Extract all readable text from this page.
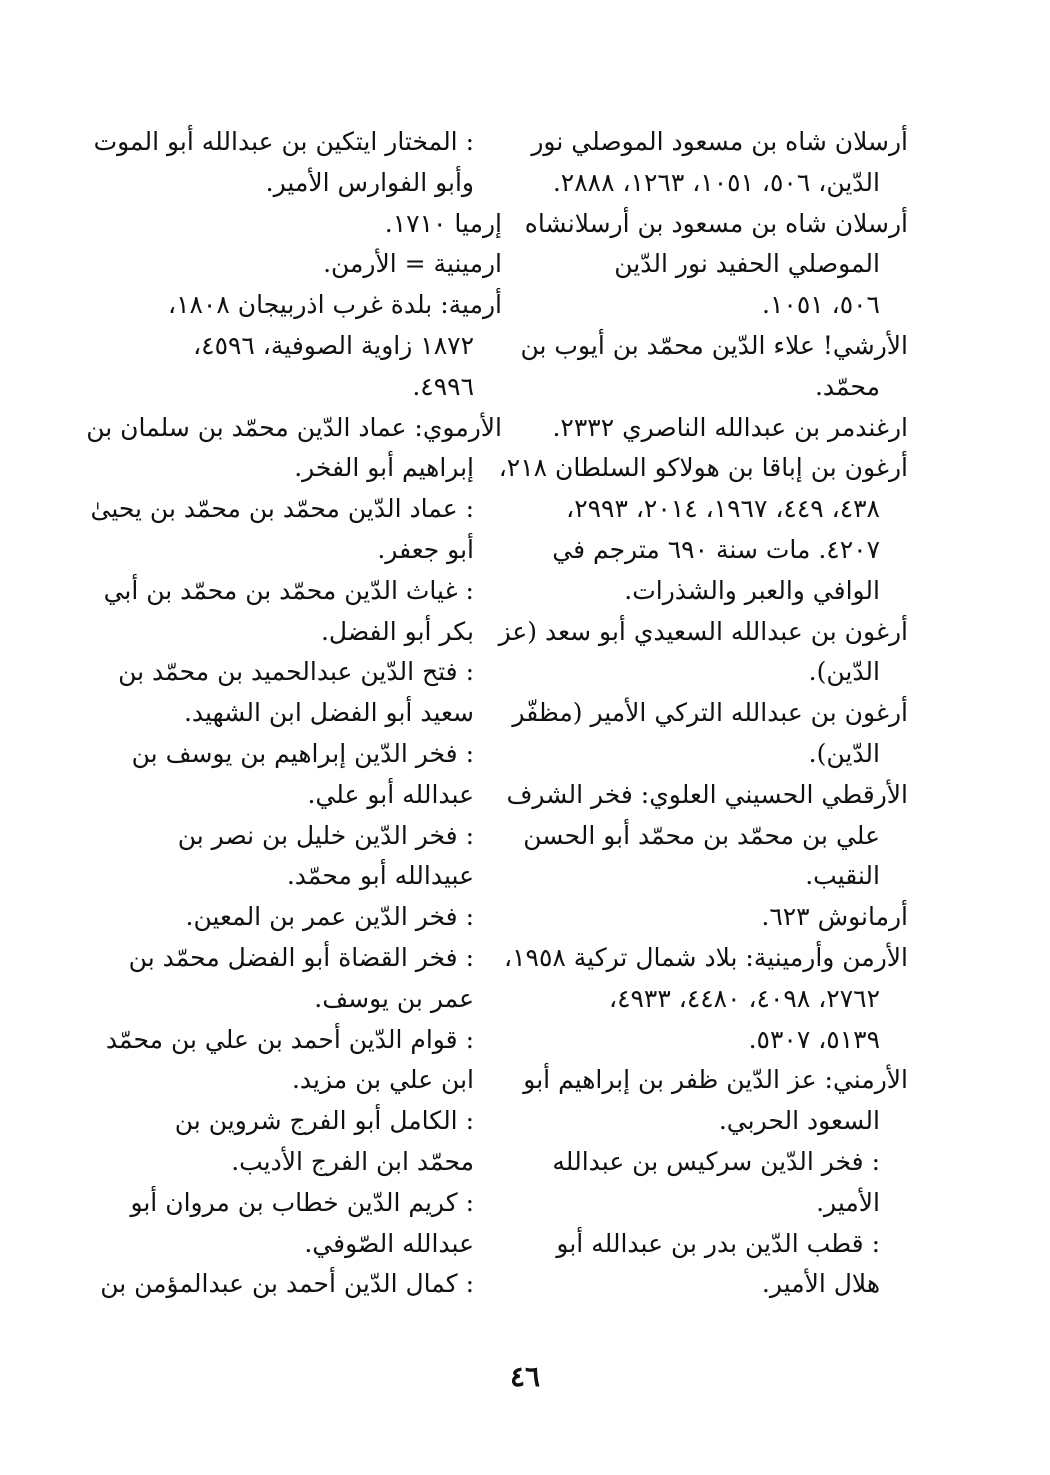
أرسلان شاه بن مسعود الموصلي نور
الدّين، ٥٠٦، ١٠٥١، ١٢٦٣، ٢٨٨٨.
أرسلان شاه بن مسعود بن أرسلانشاه
الموصلي الحفيد نور الدّين
٥٠٦، ١٠٥١.
الأرشي! علاء الدّين محمّد بن أيوب بن
محمّد.
ارغندمر بن عبدالله الناصري ٢٣٣٢.
أرغون بن إباقا بن هولاكو السلطان ٢١٨،
٤٣٨، ٤٤٩، ١٩٦٧، ٢٠١٤، ٢٩٩٣،
٤٢٠٧. مات سنة ٦٩٠ مترجم في
الوافي والعبر والشذرات.
أرغون بن عبدالله السعيدي أبو سعد (عز
الدّين).
أرغون بن عبدالله التركي الأمير (مظفّر
الدّين).
الأرقطي الحسيني العلوي: فخر الشرف
علي بن محمّد بن محمّد أبو الحسن
النقيب.
أرمانوش ٦٢٣.
الأرمن وأرمينية: بلاد شمال تركية ١٩٥٨،
٢٧٦٢، ٤٠٩٨، ٤٤٨٠، ٤٩٣٣،
٥١٣٩، ٥٣٠٧.
الأرمني: عز الدّين ظفر بن إبراهيم أبو
السعود الحربي.
: فخر الدّين سركيس بن عبدالله
الأمير.
: قطب الدّين بدر بن عبدالله أبو
هلال الأمير.
: المختار ايتكين بن عبدالله أبو الموت
وأبو الفوارس الأمير.
إرميا ١٧١٠.
ارمينية = الأرمن.
أرمية: بلدة غرب اذربيجان ١٨٠٨،
١٨٧٢ زاوية الصوفية، ٤٥٩٦،
٤٩٩٦.
الأرموي: عماد الدّين محمّد بن سلمان بن
إبراهيم أبو الفخر.
: عماد الدّين محمّد بن محمّد بن يحيىٰ
أبو جعفر.
: غياث الدّين محمّد بن محمّد بن أبي
بكر أبو الفضل.
: فتح الدّين عبدالحميد بن محمّد بن
سعيد أبو الفضل ابن الشهيد.
: فخر الدّين إبراهيم بن يوسف بن
عبدالله أبو علي.
: فخر الدّين خليل بن نصر بن
عبيدالله أبو محمّد.
: فخر الدّين عمر بن المعين.
: فخر القضاة أبو الفضل محمّد بن
عمر بن يوسف.
: قوام الدّين أحمد بن علي بن محمّد
ابن علي بن مزيد.
: الكامل أبو الفرج شروين بن
محمّد ابن الفرج الأديب.
: كريم الدّين خطاب بن مروان أبو
عبدالله الصّوفي.
: كمال الدّين أحمد بن عبدالمؤمن بن
٤٦
